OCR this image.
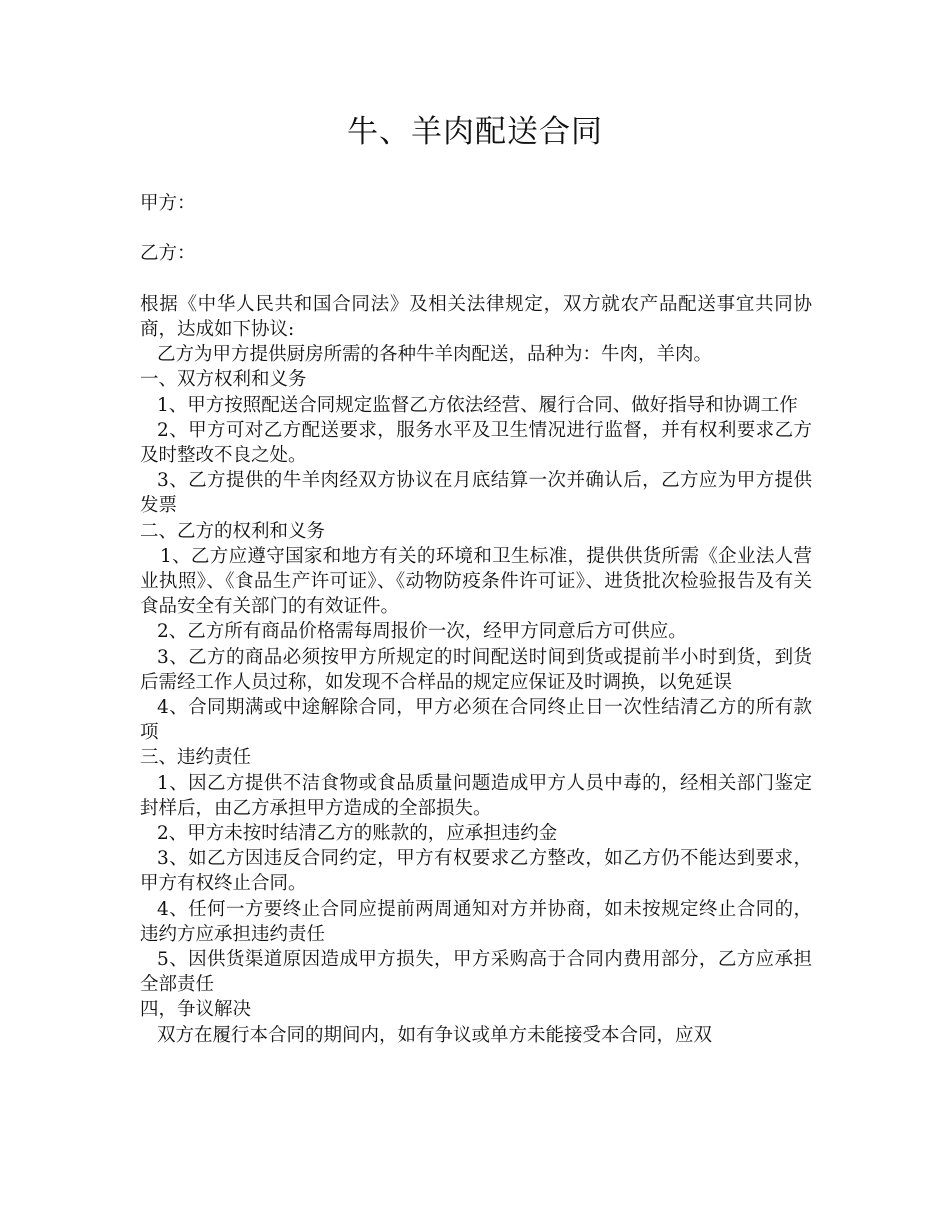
牛、羊肉配送合同

甲方：

乙方：

根据《中华人民共和国合同法》及相关法律规定，双方就农产品配送事宜共同协商，达成如下协议:

乙方为甲方提供厨房所需的各种牛羊肉配送，品种为：牛肉，羊肉。

一、双方权利和义务

1、甲方按照配送合同规定监督乙方依法经营、履行合同、做好指导和协调工作

2、甲方可对乙方配送要求，服务水平及卫生情况进行监督，并有权利要求乙方及时整改不良之处。

3、乙方提供的牛羊肉经双方协议在月底结算一次并确认后，乙方应为甲方提供发票

二、乙方的权利和义务

1、乙方应遵守国家和地方有关的环境和卫生标准，提供供货所需《企业法人营业执照》、《食品生产许可证》、《动物防疫条件许可证》、进货批次检验报告及有关食品安全有关部门的有效证件。

2、乙方所有商品价格需每周报价一次，经甲方同意后方可供应。

3、乙方的商品必须按甲方所规定的时间配送时间到货或提前半小时到货，到货后需经工作人员过称，如发现不合样品的规定应保证及时调换，以免延误

4、合同期满或中途解除合同，甲方必须在合同终止日一次性结清乙方的所有款项

三、违约责任

1、因乙方提供不洁食物或食品质量问题造成甲方人员中毒的，经相关部门鉴定封样后，由乙方承担甲方造成的全部损失。

2、甲方未按时结清乙方的账款的，应承担违约金

3、如乙方因违反合同约定，甲方有权要求乙方整改，如乙方仍不能达到要求，甲方有权终止合同。

4、任何一方要终止合同应提前两周通知对方并协商，如未按规定终止合同的，违约方应承担违约责任

5、因供货渠道原因造成甲方损失，甲方采购高于合同内费用部分，乙方应承担全部责任

四，争议解决

双方在履行本合同的期间内，如有争议或单方未能接受本合同，应双
